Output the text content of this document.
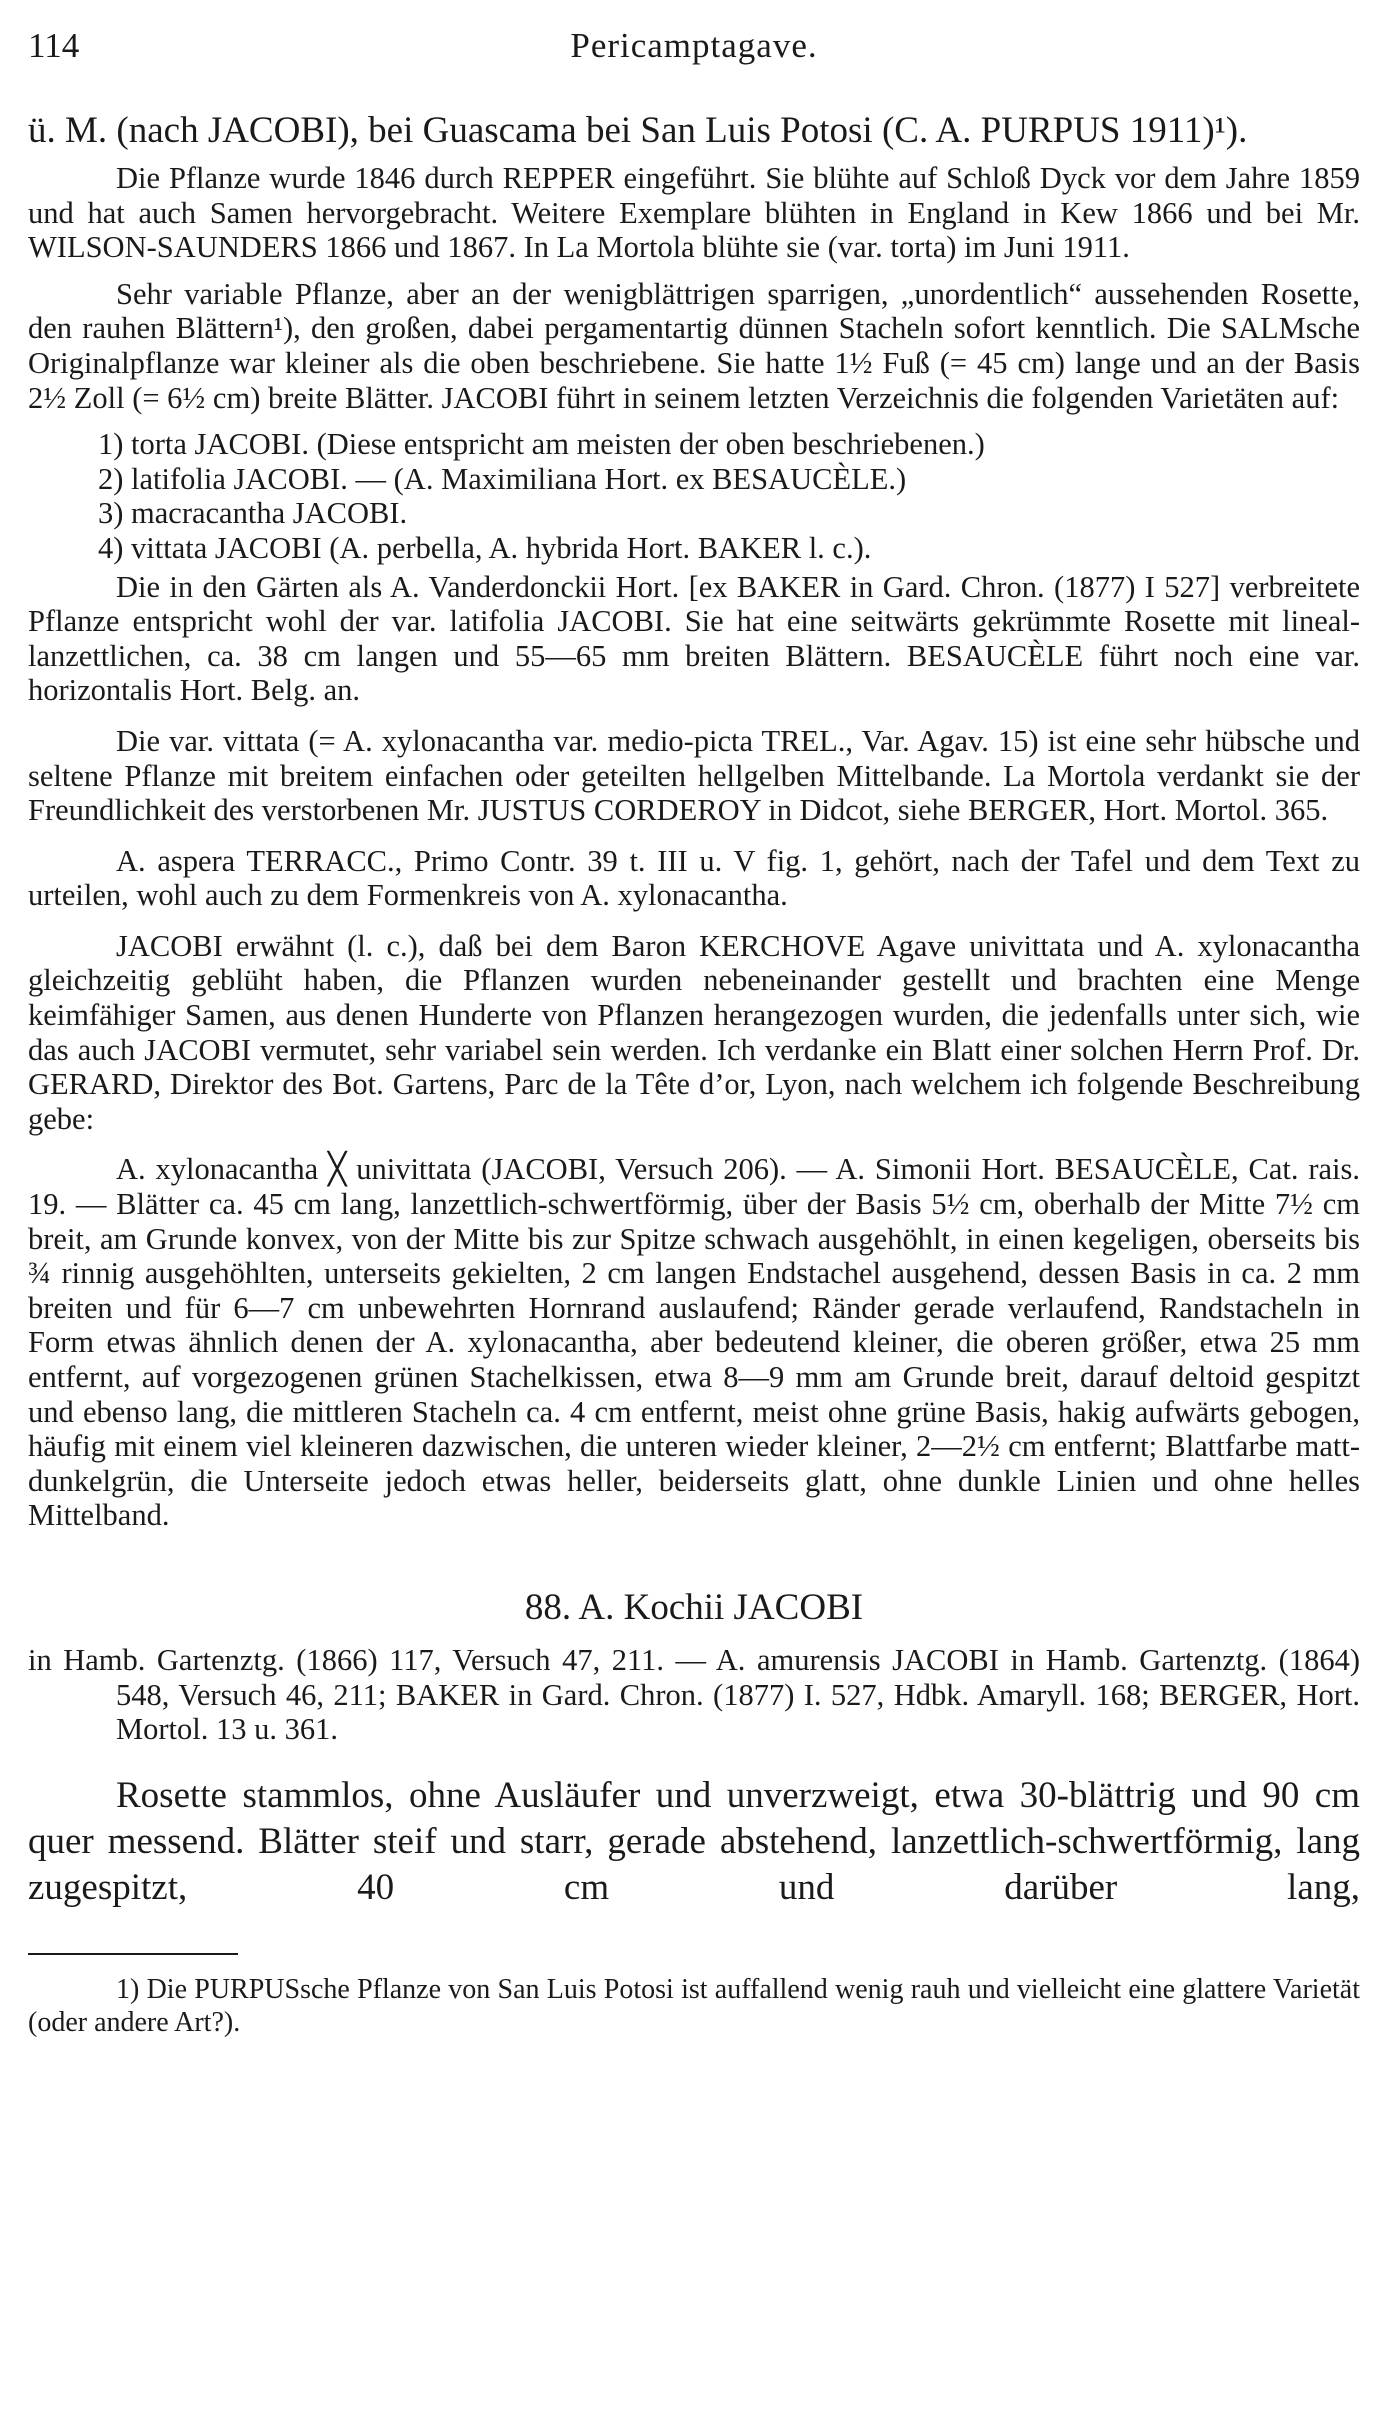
114	Pericamptagave.

ü. M. (nach JACOBI), bei Guascama bei San Luis Potosi (C. A. PURPUS 1911)¹).

Die Pflanze wurde 1846 durch REPPER eingeführt. Sie blühte auf Schloß Dyck vor dem Jahre 1859 und hat auch Samen hervorgebracht. Weitere Exemplare blühten in England in Kew 1866 und bei Mr. WILSON-SAUNDERS 1866 und 1867. In La Mortola blühte sie (var. torta) im Juni 1911.

Sehr variable Pflanze, aber an der wenigblättrigen sparrigen, „unordentlich“ aussehenden Rosette, den rauhen Blättern¹), den großen, dabei pergamentartig dünnen Stacheln sofort kenntlich. Die SALMsche Originalpflanze war kleiner als die oben beschriebene. Sie hatte 1½ Fuß (= 45 cm) lange und an der Basis 2½ Zoll (= 6½ cm) breite Blätter. JACOBI führt in seinem letzten Verzeichnis die folgenden Varietäten auf:

1) torta JACOBI. (Diese entspricht am meisten der oben beschriebenen.)
2) latifolia JACOBI. — (A. Maximiliana Hort. ex BESAUCÈLE.)
3) macracantha JACOBI.
4) vittata JACOBI (A. perbella, A. hybrida Hort. BAKER l. c.).

Die in den Gärten als A. Vanderdonckii Hort. [ex BAKER in Gard. Chron. (1877) I 527] verbreitete Pflanze entspricht wohl der var. latifolia JACOBI. Sie hat eine seitwärts gekrümmte Rosette mit lineal-lanzettlichen, ca. 38 cm langen und 55—65 mm breiten Blättern. BESAUCÈLE führt noch eine var. horizontalis Hort. Belg. an.

Die var. vittata (= A. xylonacantha var. medio-picta TREL., Var. Agav. 15) ist eine sehr hübsche und seltene Pflanze mit breitem einfachen oder geteilten hellgelben Mittelbande. La Mortola verdankt sie der Freundlichkeit des verstorbenen Mr. JUSTUS CORDEROY in Didcot, siehe BERGER, Hort. Mortol. 365.

A. aspera TERRACC., Primo Contr. 39 t. III u. V fig. 1, gehört, nach der Tafel und dem Text zu urteilen, wohl auch zu dem Formenkreis von A. xylonacantha.

JACOBI erwähnt (l. c.), daß bei dem Baron KERCHOVE Agave univittata und A. xylonacantha gleichzeitig geblüht haben, die Pflanzen wurden nebeneinander gestellt und brachten eine Menge keimfähiger Samen, aus denen Hunderte von Pflanzen herangezogen wurden, die jedenfalls unter sich, wie das auch JACOBI vermutet, sehr variabel sein werden. Ich verdanke ein Blatt einer solchen Herrn Prof. Dr. GERARD, Direktor des Bot. Gartens, Parc de la Tête d’or, Lyon, nach welchem ich folgende Beschreibung gebe:

A. xylonacantha ╳ univittata (JACOBI, Versuch 206). — A. Simonii Hort. BESAUCÈLE, Cat. rais. 19. — Blätter ca. 45 cm lang, lanzettlich-schwertförmig, über der Basis 5½ cm, oberhalb der Mitte 7½ cm breit, am Grunde konvex, von der Mitte bis zur Spitze schwach ausgehöhlt, in einen kegeligen, oberseits bis ¾ rinnig ausgehöhlten, unterseits gekielten, 2 cm langen Endstachel ausgehend, dessen Basis in ca. 2 mm breiten und für 6—7 cm unbewehrten Hornrand auslaufend; Ränder gerade verlaufend, Randstacheln in Form etwas ähnlich denen der A. xylonacantha, aber bedeutend kleiner, die oberen größer, etwa 25 mm entfernt, auf vorgezogenen grünen Stachelkissen, etwa 8—9 mm am Grunde breit, darauf deltoid gespitzt und ebenso lang, die mittleren Stacheln ca. 4 cm entfernt, meist ohne grüne Basis, hakig aufwärts gebogen, häufig mit einem viel kleineren dazwischen, die unteren wieder kleiner, 2—2½ cm entfernt; Blattfarbe matt-dunkelgrün, die Unterseite jedoch etwas heller, beiderseits glatt, ohne dunkle Linien und ohne helles Mittelband.

88. A. Kochii JACOBI

in Hamb. Gartenztg. (1866) 117, Versuch 47, 211. — A. amurensis JACOBI in Hamb. Gartenztg. (1864) 548, Versuch 46, 211; BAKER in Gard. Chron. (1877) I. 527, Hdbk. Amaryll. 168; BERGER, Hort. Mortol. 13 u. 361.

Rosette stammlos, ohne Ausläufer und unverzweigt, etwa 30-blättrig und 90 cm quer messend. Blätter steif und starr, gerade abstehend, lanzettlich-schwertförmig, lang zugespitzt, 40 cm und darüber lang,

1) Die PURPUSsche Pflanze von San Luis Potosi ist auffallend wenig rauh und vielleicht eine glattere Varietät (oder andere Art?).
